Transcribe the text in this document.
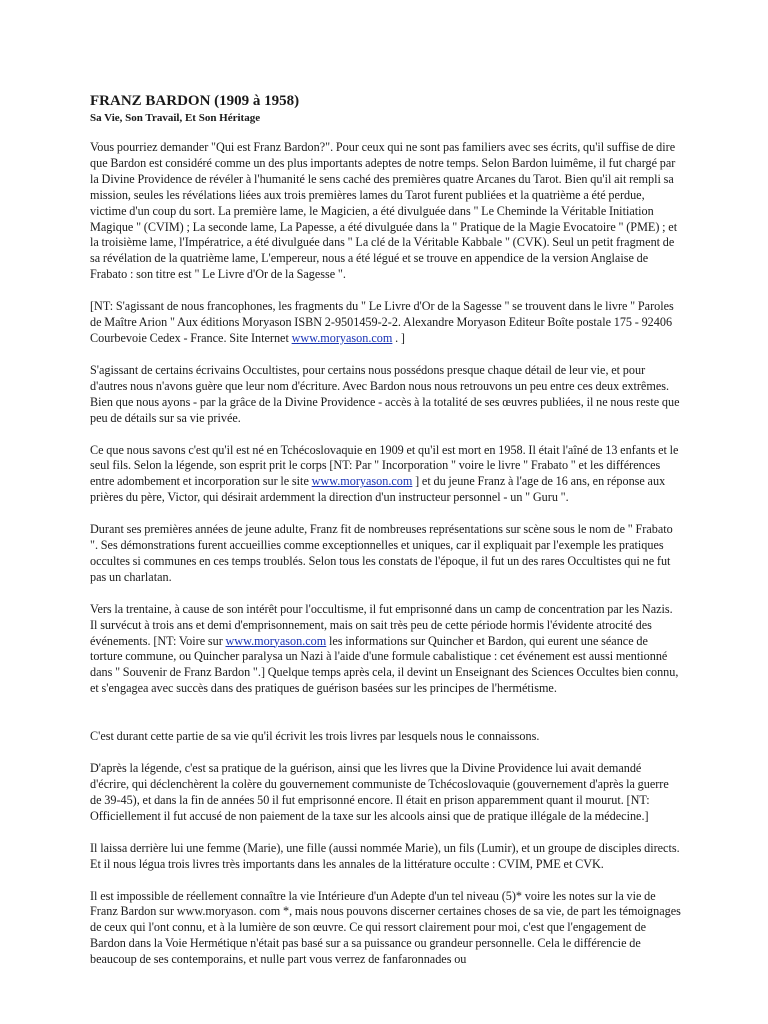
FRANZ BARDON (1909 à 1958)
Sa Vie, Son Travail, Et Son Héritage

Vous pourriez demander "Qui est Franz Bardon?". Pour ceux qui ne sont pas familiers avec ses écrits, qu'il suffise de dire que Bardon est considéré comme un des plus importants adeptes de notre temps. Selon Bardon luimême, il fut chargé par la Divine Providence de révéler à l'humanité le sens caché des premières quatre Arcanes du Tarot. Bien qu'il ait rempli sa mission, seules les révélations liées aux trois premières lames du Tarot furent publiées et la quatrième a été perdue, victime d'un coup du sort. La première lame, le Magicien, a été divulguée dans " Le Cheminde la Véritable Initiation Magique " (CVIM) ; La seconde lame, La Papesse, a été divulguée dans la " Pratique de la Magie Evocatoire " (PME) ; et la troisième lame, l'Impératrice, a été divulguée dans " La clé de la Véritable Kabbale " (CVK). Seul un petit fragment de sa révélation de la quatrième lame, L'empereur, nous a été légué et se trouve en appendice de la version Anglaise de Frabato : son titre est " Le Livre d'Or de la Sagesse ".

[NT: S'agissant de nous francophones, les fragments du " Le Livre d'Or de la Sagesse " se trouvent dans le livre " Paroles de Maître Arion " Aux éditions Moryason ISBN 2-9501459-2-2. Alexandre Moryason Editeur Boîte postale 175 - 92406 Courbevoie Cedex - France. Site Internet www.moryason.com . ]

S'agissant de certains écrivains Occultistes, pour certains nous possédons presque chaque détail de leur vie, et pour d'autres nous n'avons guère que leur nom d'écriture. Avec Bardon nous nous retrouvons un peu entre ces deux extrêmes. Bien que nous ayons - par la grâce de la Divine Providence - accès à la totalité de ses œuvres publiées, il ne nous reste que peu de détails sur sa vie privée.

Ce que nous savons c'est qu'il est né en Tchécoslovaquie en 1909 et qu'il est mort en 1958. Il était l'aîné de 13 enfants et le seul fils. Selon la légende, son esprit prit le corps [NT: Par " Incorporation " voire le livre " Frabato " et les différences entre adombement et incorporation sur le site www.moryason.com ] et du jeune Franz à l'age de 16 ans, en réponse aux prières du père, Victor, qui désirait ardemment la direction d'un instructeur personnel - un " Guru ".

Durant ses premières années de jeune adulte, Franz fit de nombreuses représentations sur scène sous le nom de " Frabato ". Ses démonstrations furent accueillies comme exceptionnelles et uniques, car il expliquait par l'exemple les pratiques occultes si communes en ces temps troublés. Selon tous les constats de l'époque, il fut un des rares Occultistes qui ne fut pas un charlatan.

Vers la trentaine, à cause de son intérêt pour l'occultisme, il fut emprisonné dans un camp de concentration par les Nazis. Il survécut à trois ans et demi d'emprisonnement, mais on sait très peu de cette période hormis l'évidente atrocité des événements. [NT: Voire sur www.moryason.com les informations sur Quincher et Bardon, qui eurent une séance de torture commune, ou Quincher paralysa un Nazi à l'aide d'une formule cabalistique : cet événement est aussi mentionné dans " Souvenir de Franz Bardon ".] Quelque temps après cela, il devint un Enseignant des Sciences Occultes bien connu, et s'engagea avec succès dans des pratiques de guérison basées sur les principes de l'hermétisme.

C'est durant cette partie de sa vie qu'il écrivit les trois livres par lesquels nous le connaissons.

D'après la légende, c'est sa pratique de la guérison, ainsi que les livres que la Divine Providence lui avait demandé d'écrire, qui déclenchèrent la colère du gouvernement communiste de Tchécoslovaquie (gouvernement d'après la guerre de 39-45), et dans la fin de années 50 il fut emprisonné encore. Il était en prison apparemment quant il mourut. [NT: Officiellement il fut accusé de non paiement de la taxe sur les alcools ainsi que de pratique illégale de la médecine.]

Il laissa derrière lui une femme (Marie), une fille (aussi nommée Marie), un fils (Lumir), et un groupe de disciples directs. Et il nous légua trois livres très importants dans les annales de la littérature occulte : CVIM, PME et CVK.

Il est impossible de réellement connaître la vie Intérieure d'un Adepte d'un tel niveau (5)* voire les notes sur la vie de Franz Bardon sur www.moryason. com *, mais nous pouvons discerner certaines choses de sa vie, de part les témoignages de ceux qui l'ont connu, et à la lumière de son œuvre. Ce qui ressort clairement pour moi, c'est que l'engagement de Bardon dans la Voie Hermétique n'était pas basé sur a sa puissance ou grandeur personnelle. Cela le différencie de beaucoup de ses contemporains, et nulle part vous verrez de fanfaronnades ou
